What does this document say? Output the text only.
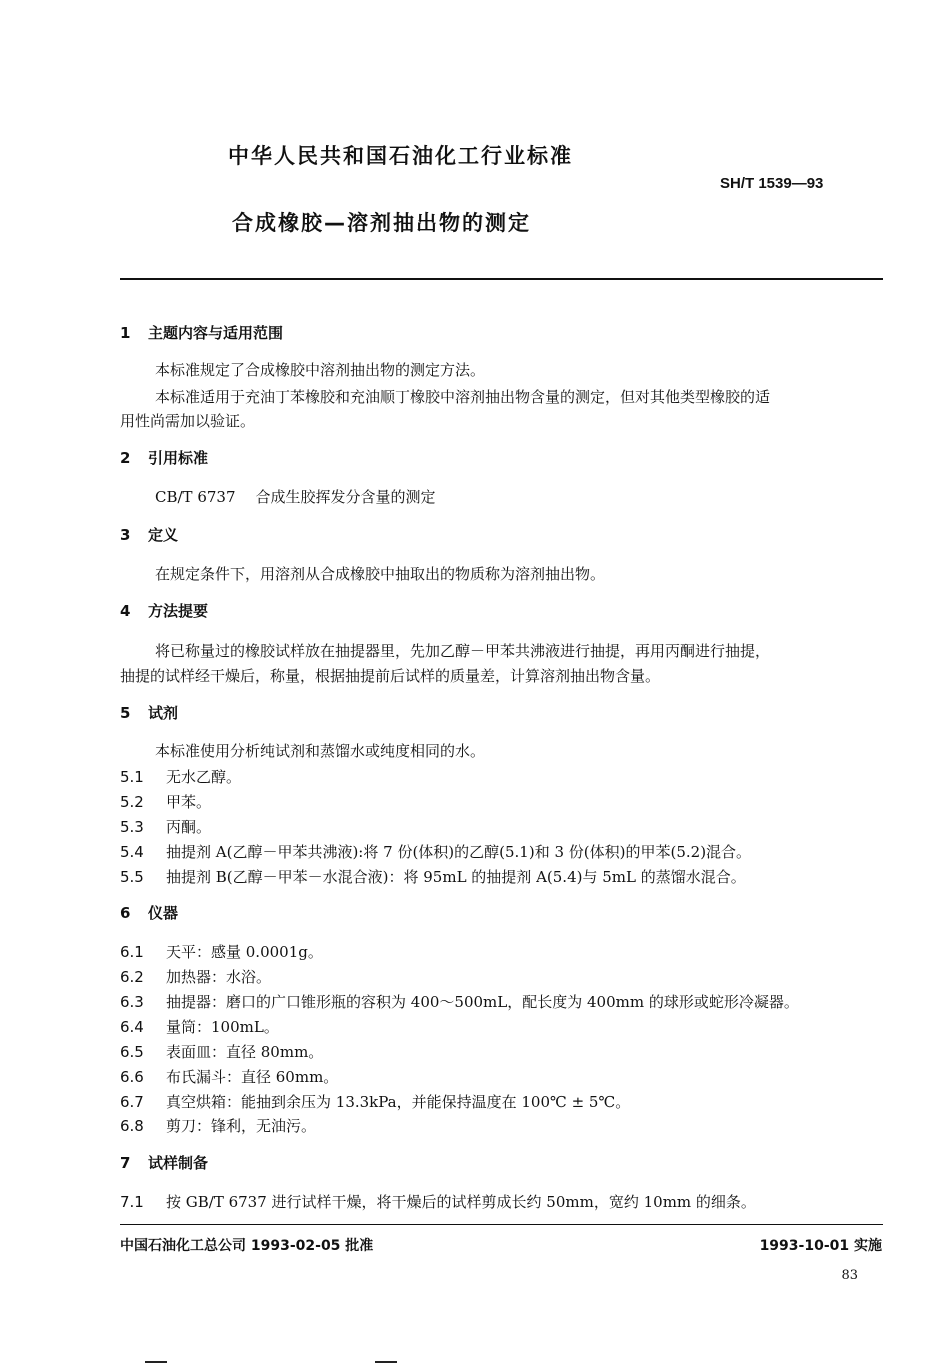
中华人民共和国石油化工行业标准
SH/T 1539—93
合成橡胶—溶剂抽出物的测定
1 主题内容与适用范围
本标准规定了合成橡胶中溶剂抽出物的测定方法。
本标准适用于充油丁苯橡胶和充油顺丁橡胶中溶剂抽出物含量的测定，但对其他类型橡胶的适
用性尚需加以验证。
2 引用标准
CB/T 6737 合成生胶挥发分含量的测定
3 定义
在规定条件下，用溶剂从合成橡胶中抽取出的物质称为溶剂抽出物。
4 方法提要
将已称量过的橡胶试样放在抽提器里，先加乙醇－甲苯共沸液进行抽提，再用丙酮进行抽提，
抽提的试样经干燥后，称量，根据抽提前后试样的质量差，计算溶剂抽出物含量。
5 试剂
本标准使用分析纯试剂和蒸馏水或纯度相同的水。
5.1 无水乙醇。
5.2 甲苯。
5.3 丙酮。
5.4 抽提剂 A(乙醇－甲苯共沸液):将 7 份(体积)的乙醇(5.1)和 3 份(体积)的甲苯(5.2)混合。
5.5 抽提剂 B(乙醇－甲苯－水混合液)：将 95mL 的抽提剂 A(5.4)与 5mL 的蒸馏水混合。
6 仪器
6.1 天平：感量 0.0001g。
6.2 加热器：水浴。
6.3 抽提器：磨口的广口锥形瓶的容积为 400～500mL，配长度为 400mm 的球形或蛇形冷凝器。
6.4 量筒：100mL。
6.5 表面皿：直径 80mm。
6.6 布氏漏斗：直径 60mm。
6.7 真空烘箱：能抽到余压为 13.3kPa，并能保持温度在 100℃ ± 5℃。
6.8 剪刀：锋利，无油污。
7 试样制备
7.1 按 GB/T 6737 进行试样干燥，将干燥后的试样剪成长约 50mm，宽约 10mm 的细条。
中国石油化工总公司 1993-02-05 批准	1993-10-01 实施
83
